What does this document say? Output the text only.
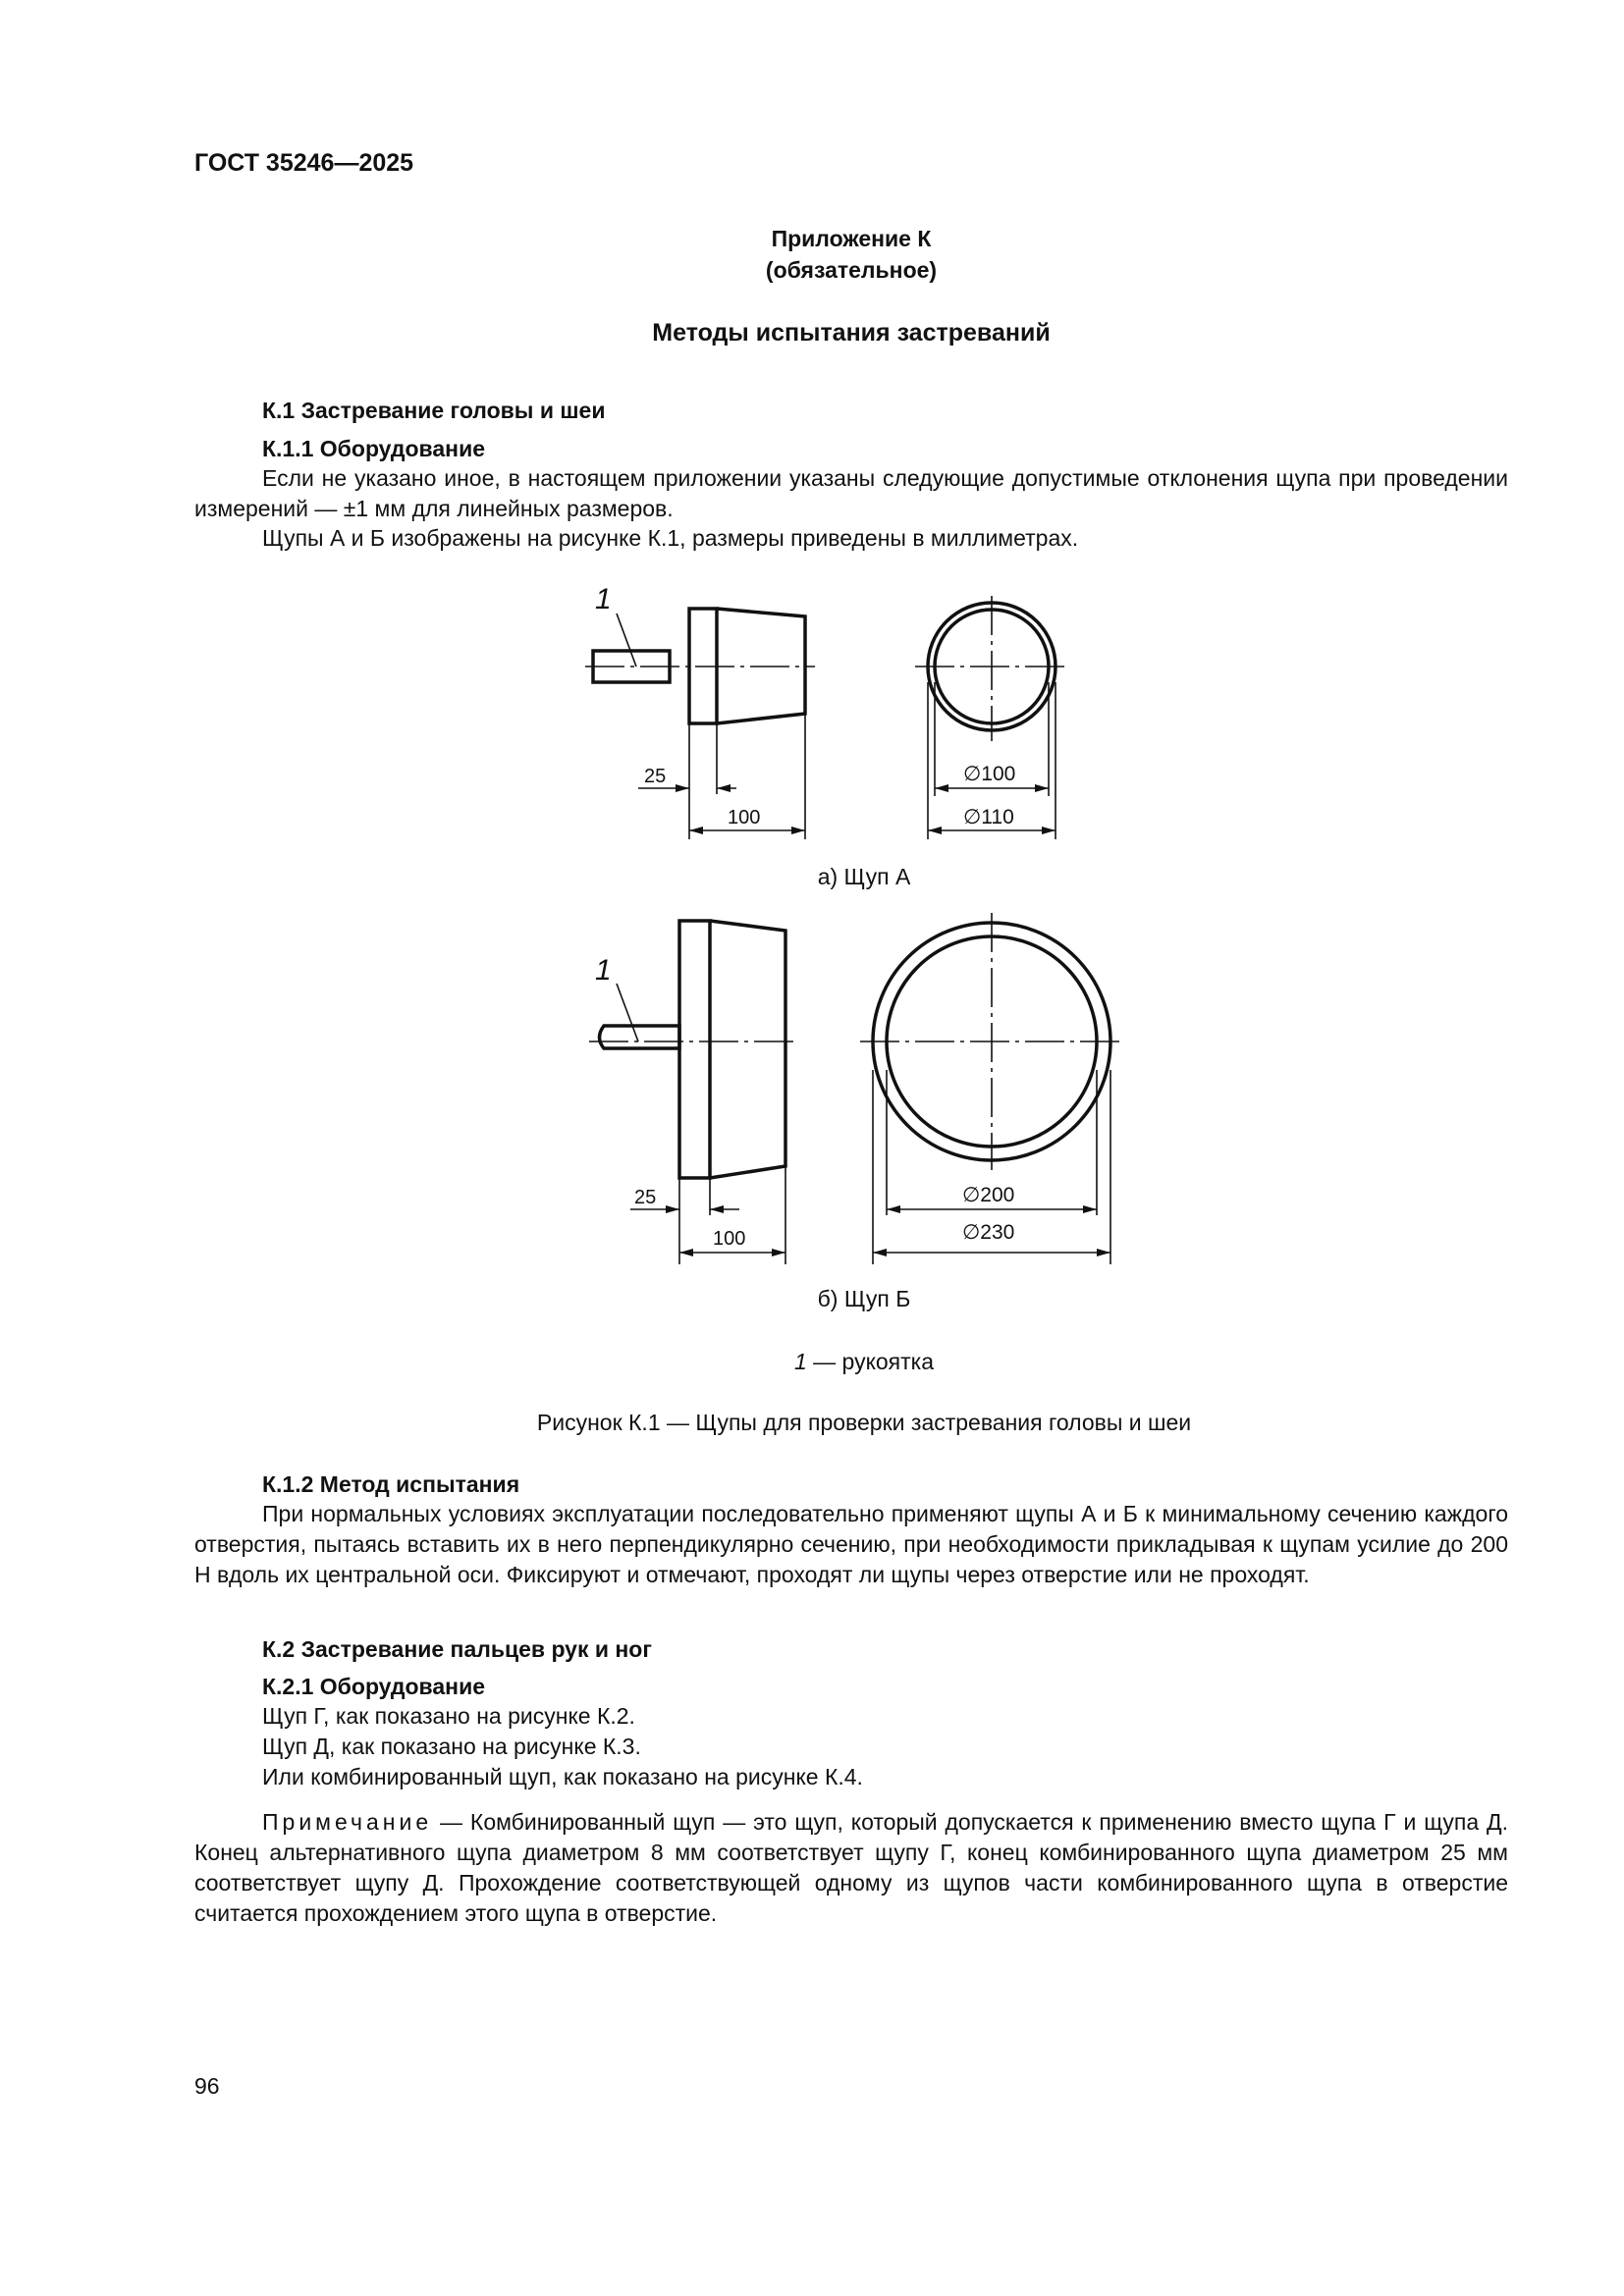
ГОСТ 35246—2025
Приложение К
(обязательное)
Методы испытания застреваний
К.1 Застревание головы и шеи
К.1.1 Оборудование
Если не указано иное, в настоящем приложении указаны следующие допустимые отклонения щупа при проведении измерений — ±1 мм для линейных размеров.
Щупы А и Б изображены на рисунке К.1, размеры приведены в миллиметрах.
1
25
100
∅100
∅110
а) Щуп А
1
25
100
∅200
∅230
б) Щуп Б
1 — рукоятка
Рисунок К.1 — Щупы для проверки застревания головы и шеи
К.1.2 Метод испытания
При нормальных условиях эксплуатации последовательно применяют щупы А и Б к минимальному сечению каждого отверстия, пытаясь вставить их в него перпендикулярно сечению, при необходимости прикладывая к щупам усилие до 200 Н вдоль их центральной оси. Фиксируют и отмечают, проходят ли щупы через отверстие или не проходят.
К.2 Застревание пальцев рук и ног
К.2.1 Оборудование
Щуп Г, как показано на рисунке К.2.
Щуп Д, как показано на рисунке К.3.
Или комбинированный щуп, как показано на рисунке К.4.
Примечание — Комбинированный щуп — это щуп, который допускается к применению вместо щупа Г и щупа Д. Конец альтернативного щупа диаметром 8 мм соответствует щупу Г, конец комбинированного щупа диаметром 25 мм соответствует щупу Д. Прохождение соответствующей одному из щупов части комбинированного щупа в отверстие считается прохождением этого щупа в отверстие.
96
